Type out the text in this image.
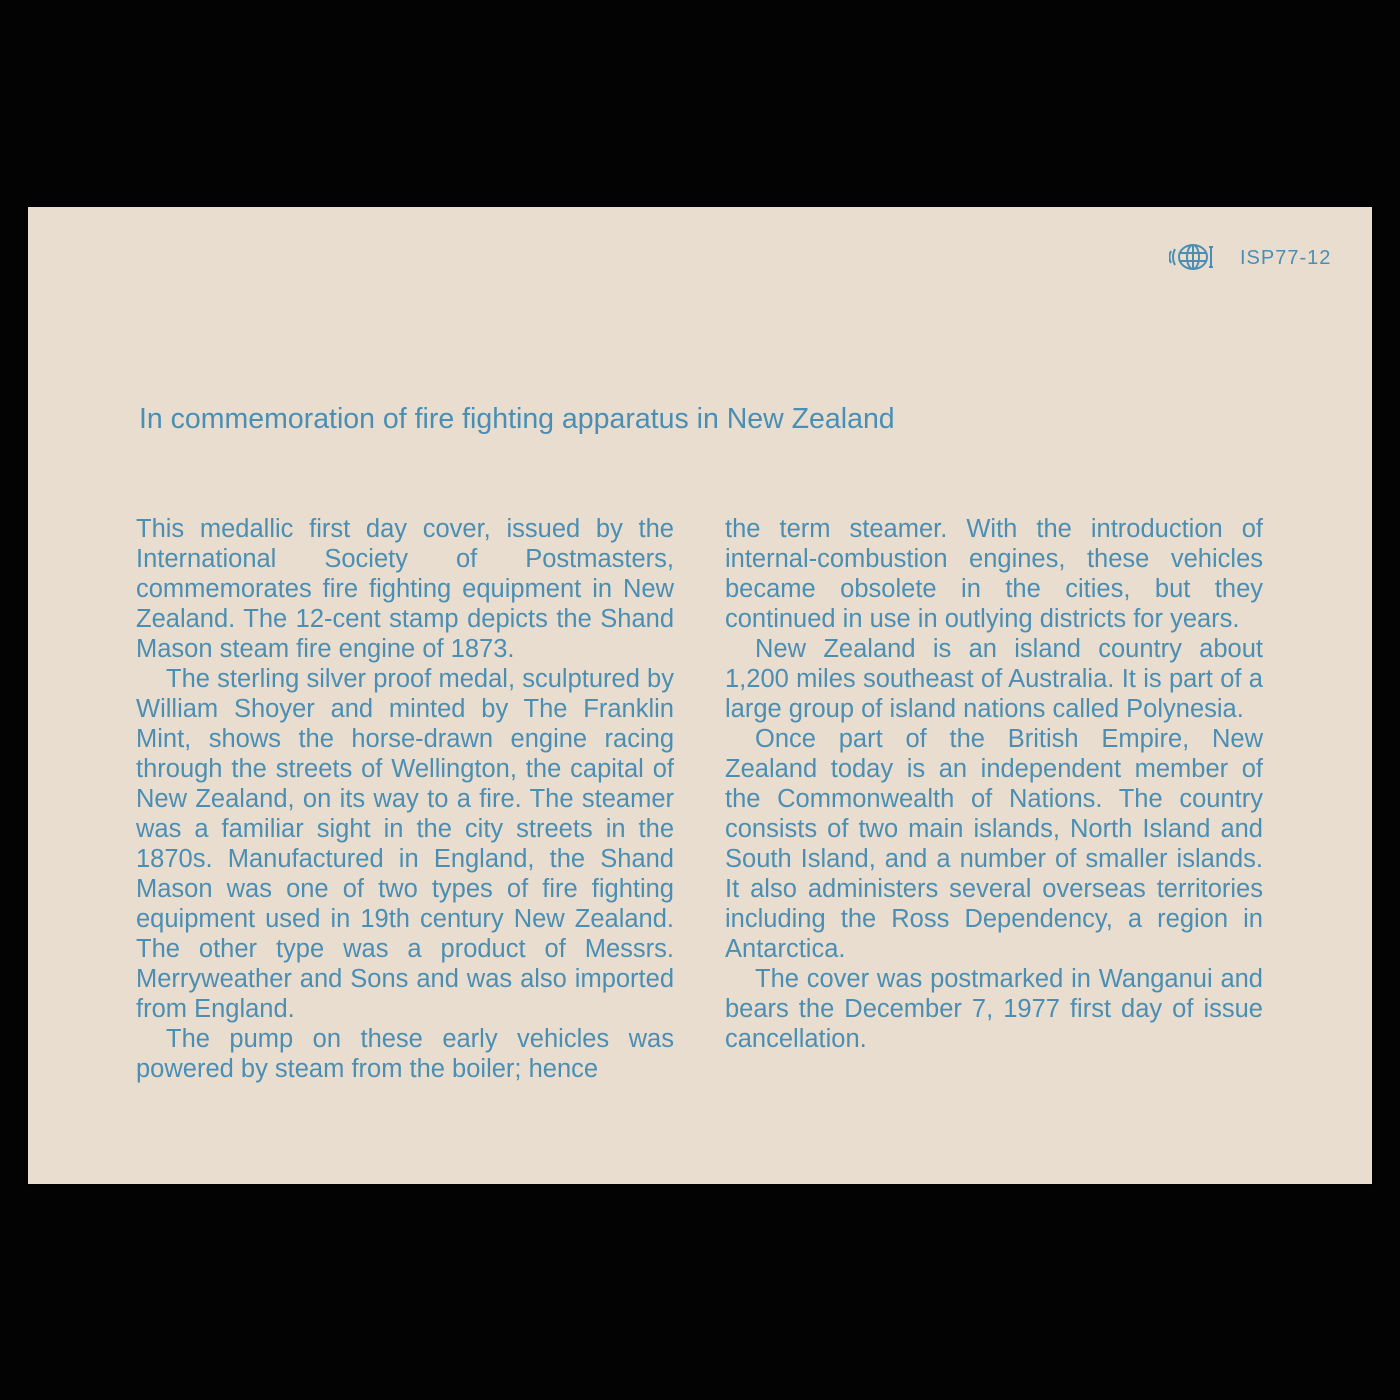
ISP77-12
In commemoration of fire fighting apparatus in New Zealand

This medallic first day cover, issued by the International Society of Postmasters, commemorates fire fighting equipment in New Zealand. The 12-cent stamp depicts the Shand Mason steam fire engine of 1873.

The sterling silver proof medal, sculptured by William Shoyer and minted by The Franklin Mint, shows the horse-drawn engine racing through the streets of Wellington, the capital of New Zealand, on its way to a fire. The steamer was a familiar sight in the city streets in the 1870s. Manufactured in England, the Shand Mason was one of two types of fire fighting equipment used in 19th century New Zealand. The other type was a product of Messrs. Merryweather and Sons and was also imported from England.

The pump on these early vehicles was powered by steam from the boiler; hence

the term steamer. With the introduction of internal-combustion engines, these vehicles became obsolete in the cities, but they continued in use in outlying districts for years.

New Zealand is an island country about 1,200 miles southeast of Australia. It is part of a large group of island nations called Polynesia.

Once part of the British Empire, New Zealand today is an independent member of the Commonwealth of Nations. The country consists of two main islands, North Island and South Island, and a number of smaller islands. It also administers several overseas territories including the Ross Dependency, a region in Antarctica.

The cover was postmarked in Wanganui and bears the December 7, 1977 first day of issue cancellation.
